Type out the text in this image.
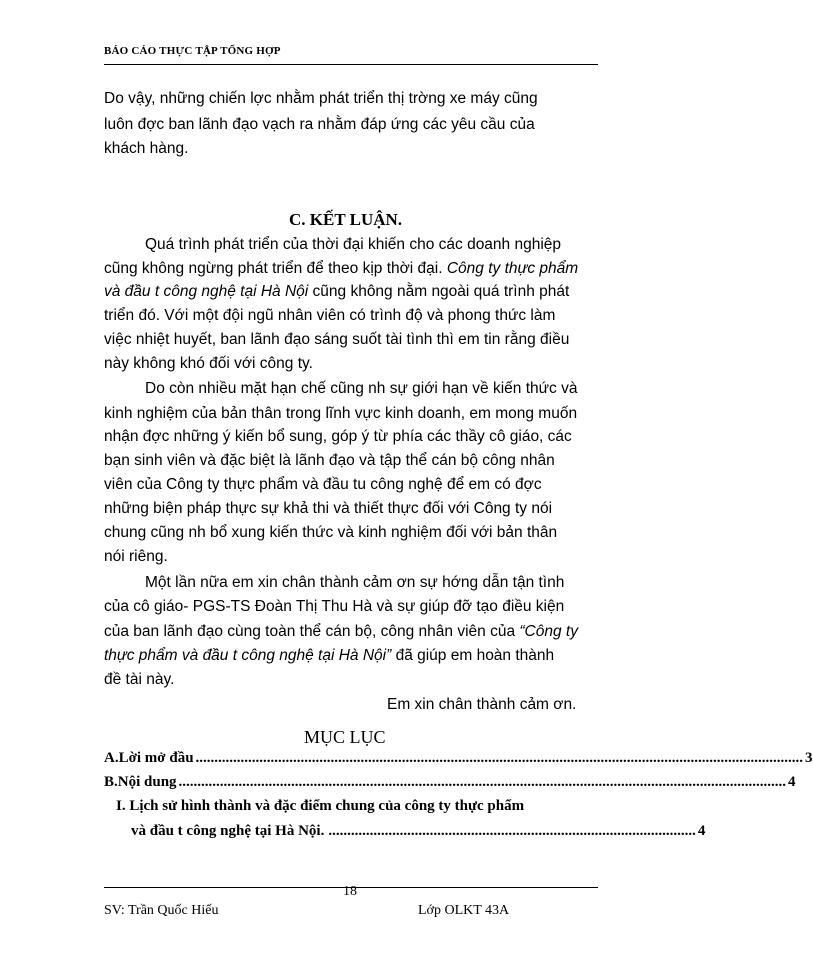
BÁO CÁO THỰC TẬP TỔNG HỢP
Do vậy, những chiến lợc nhằm phát triển thị trờng xe máy cũng
luôn đợc ban lãnh đạo vạch ra nhằm đáp ứng các yêu cầu của
khách hàng.
C. KẾT LUẬN.
Quá trình phát triển của thời đại khiến cho các doanh nghiệp
cũng không ngừng phát triển để theo kịp thời đại. Công ty thực phẩm
và đầu t công nghệ tại Hà Nội cũng không nằm ngoài quá trình phát
triển đó. Với một đội ngũ nhân viên có trình độ và phong thức làm
việc nhiệt huyết, ban lãnh đạo sáng suốt tài tình thì em tin rằng điều
này không khó đối với công ty.
Do còn nhiều mặt hạn chế cũng nh sự giới hạn về kiến thức và
kinh nghiệm của bản thân trong lĩnh vực kinh doanh, em mong muốn
nhận đợc những ý kiến bổ sung, góp ý từ phía các thầy cô giáo, các
bạn sinh viên và đặc biệt là lãnh đạo và tập thể cán bộ công nhân
viên của Công ty thực phẩm và đầu tu công nghệ để em có đợc
những biện pháp thực sự khả thi và thiết thực đối với Công ty nói
chung cũng nh bổ xung kiến thức và kinh nghiệm đối với bản thân
nói riêng.
Một lần nữa em xin chân thành cảm ơn sự hớng dẫn tận tình
của cô giáo- PGS-TS Đoàn Thị Thu Hà và sự giúp đỡ tạo điều kiện
của ban lãnh đạo cùng toàn thể cán bộ, công nhân viên của “Công ty
thực phẩm và đầu t công nghệ tại Hà Nội” đã giúp em hoàn thành
đề tài này.
Em xin chân thành cảm ơn.
MỤC LỤC
A.Lời mở đầu .................................................................................................................................................................. 3
B.Nội dung .................................................................................................................................................................. 4
I. Lịch sử hình thành và đặc điểm chung của công ty thực phẩm
và đầu t công nghệ tại Hà Nội. .................................................................................................. 4
18
SV: Trần Quốc Hiếu	Lớp OLKT 43A
